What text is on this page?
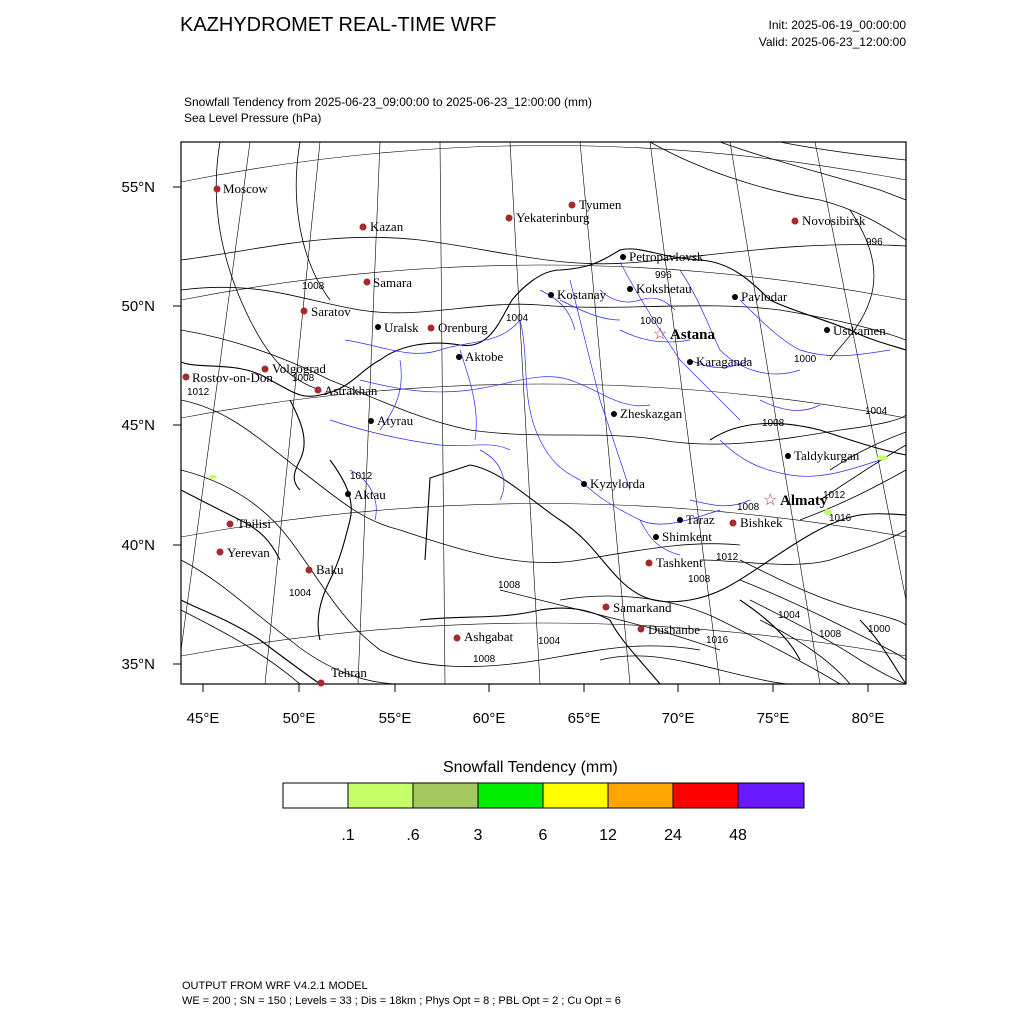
KAZHYDROMET REAL-TIME WRF	Init: 2025-06-19_00:00:00
Valid: 2025-06-23_12:00:00
Snowfall Tendency from 2025-06-23_09:00:00 to 2025-06-23_12:00:00 (mm)
Sea Level Pressure (hPa)
55°N
50°N
45°N
40°N
35°N
45°E	50°E	55°E	60°E	65°E	70°E	75°E	80°E
1008
1004
996
1000
1008
1012
1004
1008
1012
1008
1012
1008
1008
1004
1008	1000
1004
1016
1004
1008
1000
996
1012
1016
Moscow
Kazan
Tyumen
Yekaterinburg	Novosibirsk
Samara
Saratov
Orenburg
Volgograd
Rostov-on-Don
Astrakhan
Tbilisi
Yerevan
Baku
Tehran
Ashgabat
Samarkand
Dushanbe
Tashkent
Bishkek
Petropavlovsk
Kostanay Kokshetau
Pavlodar
Uralsk
Aktobe
☆ Astana	Ustkamen
Karaganda
Atyrau	Zheskazgan
Taldykurgan
Kyzylorda
Aktau	☆ Almaty
Taraz
Shimkent
Snowfall Tendency (mm)
.1	.6	3	6	12	24	48
OUTPUT FROM WRF V4.2.1 MODEL
WE = 200 ; SN = 150 ; Levels = 33 ; Dis = 18km ; Phys Opt = 8 ; PBL Opt = 2 ; Cu Opt = 6
